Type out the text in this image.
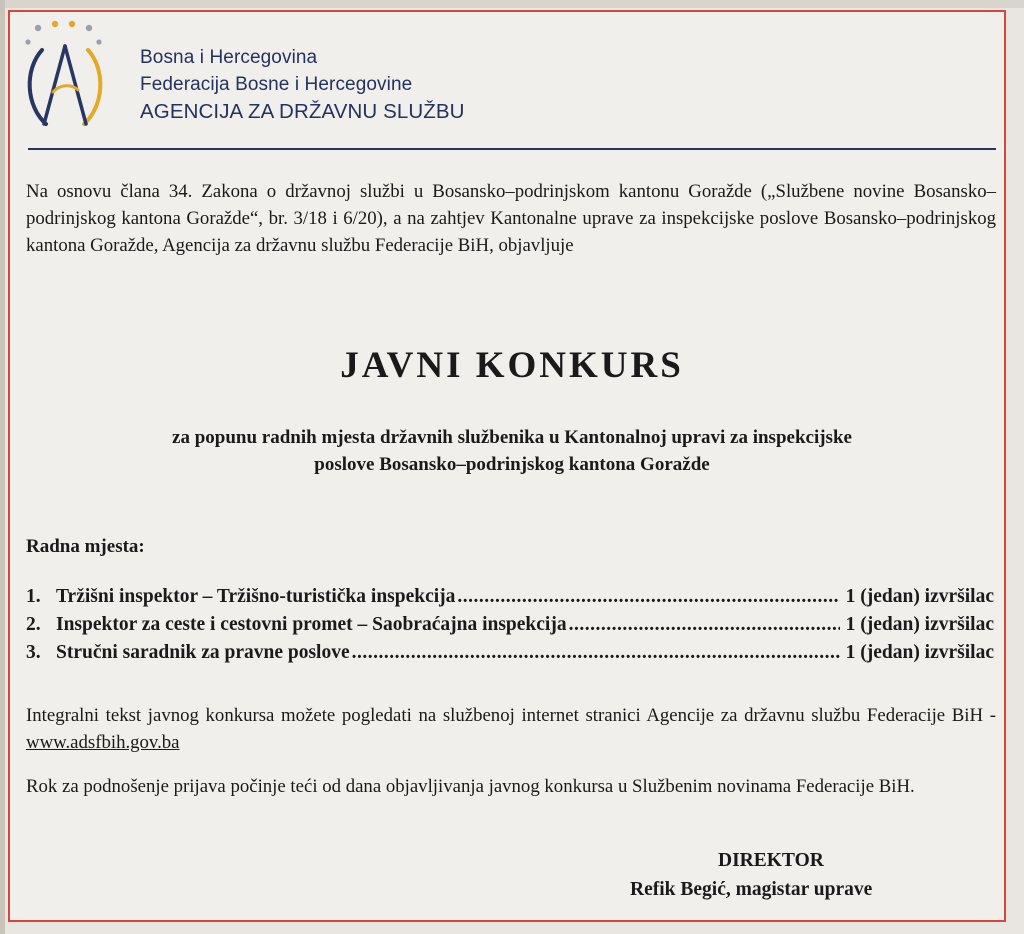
Bosna i Hercegovina
Federacija Bosne i Hercegovine
AGENCIJA ZA DRŽAVNU SLUŽBU
Na osnovu člana 34. Zakona o državnoj službi u Bosansko–podrinjskom kantonu Goražde („Službene novine Bosansko–podrinjskog kantona Goražde“, br. 3/18 i 6/20), a na zahtjev Kantonalne uprave za inspekcijske poslove Bosansko–podrinjskog kantona Goražde, Agencija za državnu službu Federacije BiH, objavljuje
JAVNI KONKURS
za popunu radnih mjesta državnih službenika u Kantonalnoj upravi za inspekcijske
poslove Bosansko–podrinjskog kantona Goražde
Radna mjesta:
1. Tržišni inspektor – Tržišno-turistička inspekcija .....	1 (jedan) izvršilac
2. Inspektor za ceste i cestovni promet – Saobraćajna inspekcija .....	1 (jedan) izvršilac
3. Stručni saradnik za pravne poslove .....	1 (jedan) izvršilac
Integralni tekst javnog konkursa možete pogledati na službenoj internet stranici Agencije za državnu službu Federacije BiH - www.adsfbih.gov.ba
Rok za podnošenje prijava počinje teći od dana objavljivanja javnog konkursa u Službenim novinama Federacije BiH.
DIREKTOR
Refik Begić, magistar uprave
